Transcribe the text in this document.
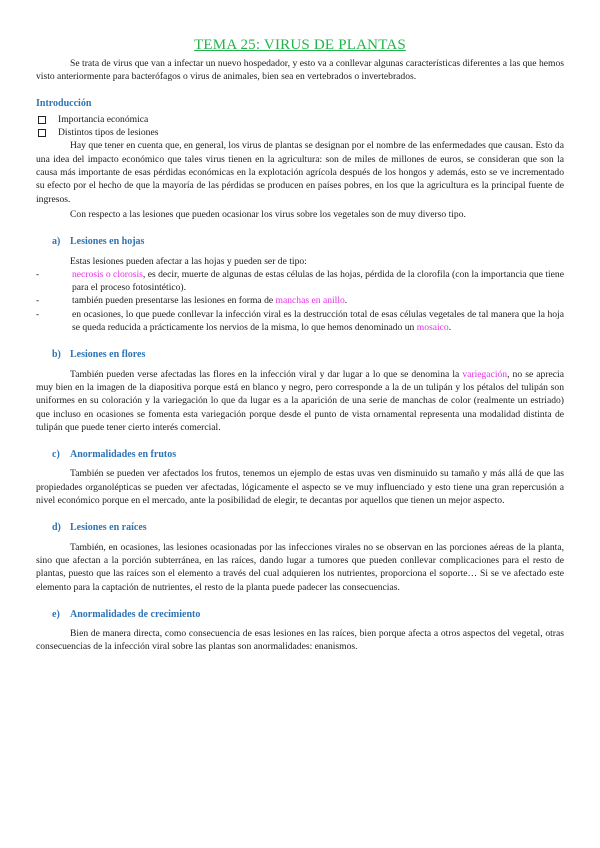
TEMA 25: VIRUS DE PLANTAS

Se trata de virus que van a infectar un nuevo hospedador, y esto va a conllevar algunas características diferentes a las que hemos visto anteriormente para bacterófagos o virus de animales, bien sea en vertebrados o invertebrados.

Introducción
Importancia económica
Distintos tipos de lesiones

Hay que tener en cuenta que, en general, los virus de plantas se designan por el nombre de las enfermedades que causan. Esto da una idea del impacto económico que tales virus tienen en la agricultura: son de miles de millones de euros, se consideran que son la causa más importante de esas pérdidas económicas en la explotación agrícola después de los hongos y además, esto se ve incrementado su efecto por el hecho de que la mayoría de las pérdidas se producen en países pobres, en los que la agricultura es la principal fuente de ingresos.

Con respecto a las lesiones que pueden ocasionar los virus sobre los vegetales son de muy diverso tipo.

a) Lesiones en hojas

Estas lesiones pueden afectar a las hojas y pueden ser de tipo:

-	necrosis o clorosis, es decir, muerte de algunas de estas células de las hojas, pérdida de la clorofila (con la importancia que tiene para el proceso fotosintético).

-	también pueden presentarse las lesiones en forma de manchas en anillo.

-	en ocasiones, lo que puede conllevar la infección viral es la destrucción total de esas células vegetales de tal manera que la hoja se queda reducida a prácticamente los nervios de la misma, lo que hemos denominado un mosaico.

b) Lesiones en flores

También pueden verse afectadas las flores en la infección viral y dar lugar a lo que se denomina la variegación, no se aprecia muy bien en la imagen de la diapositiva porque está en blanco y negro, pero corresponde a la de un tulipán y los pétalos del tulipán son uniformes en su coloración y la variegación lo que da lugar es a la aparición de una serie de manchas de color (realmente un estriado) que incluso en ocasiones se fomenta esta variegación porque desde el punto de vista ornamental representa una modalidad distinta de tulipán que puede tener cierto interés comercial.

c) Anormalidades en frutos

También se pueden ver afectados los frutos, tenemos un ejemplo de estas uvas ven disminuido su tamaño y más allá de que las propiedades organolépticas se pueden ver afectadas, lógicamente el aspecto se ve muy influenciado y esto tiene una gran repercusión a nivel económico porque en el mercado, ante la posibilidad de elegir, te decantas por aquellos que tienen un mejor aspecto.

d) Lesiones en raíces

También, en ocasiones, las lesiones ocasionadas por las infecciones virales no se observan en las porciones aéreas de la planta, sino que afectan a la porción subterránea, en las raíces, dando lugar a tumores que pueden conllevar complicaciones para el resto de plantas, puesto que las raíces son el elemento a través del cual adquieren los nutrientes, proporciona el soporte… Si se ve afectado este elemento para la captación de nutrientes, el resto de la planta puede padecer las consecuencias.

e) Anormalidades de crecimiento

Bien de manera directa, como consecuencia de esas lesiones en las raíces, bien porque afecta a otros aspectos del vegetal, otras consecuencias de la infección viral sobre las plantas son anormalidades: enanismos.
